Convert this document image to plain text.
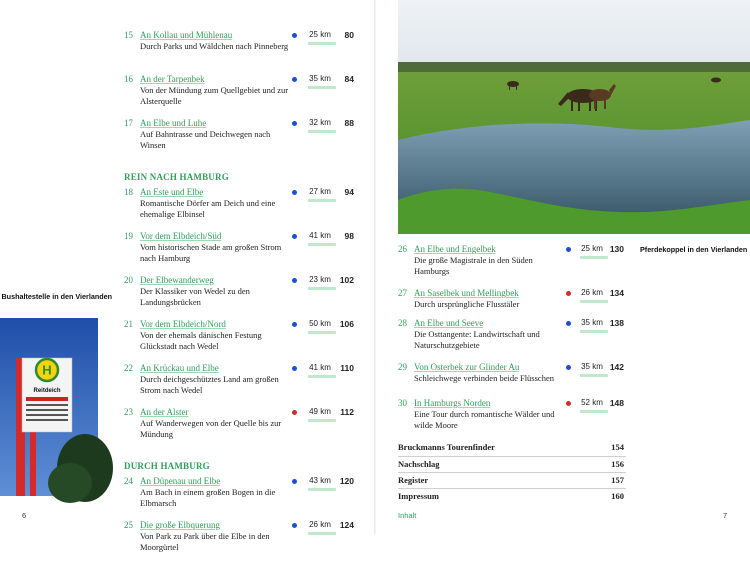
H
Reitdeich
Bushaltestelle in den Vierlanden
Pferdekoppel in den Vierlanden
15 An Kollau und Mühlenau
Durch Parks und Wäldchen nach Pinneberg
25 km	80
16 An der Tarpenbek
Von der Mündung zum Quellgebiet und zur Alsterquelle
35 km	84
17 An Elbe und Luhe
Auf Bahntrasse und Deichwegen nach Winsen
32 km	88
REIN NACH HAMBURG
18 An Este und Elbe
Romantische Dörfer am Deich und eine ehemalige Elbinsel
27 km	94
19 Vor dem Elbdeich/Süd
Vom historischen Stade am großen Strom nach Hamburg
41 km	98
20 Der Elbewanderweg
Der Klassiker von Wedel zu den Landungsbrücken
23 km	102
21 Vor dem Elbdeich/Nord
Von der ehemals dänischen Festung Glückstadt nach Wedel
50 km	106
22 An Krückau und Elbe
Durch deichgeschütztes Land am großen Strom nach Wedel
41 km	110
23 An der Alster
Auf Wanderwegen von der Quelle bis zur Mündung
49 km	112
DURCH HAMBURG
24 An Düpenau und Elbe
Am Bach in einem großen Bogen in die Elbmarsch
43 km	120
25 Die große Elbquerung
Von Park zu Park über die Elbe in den Moorgürtel
26 km	124
26 An Elbe und Engelbek
Die große Magistrale in den Süden Hamburgs
25 km 130
27 An Saselbek und Mellingbek
Durch ursprüngliche Flusstäler
26 km 134
28 An Elbe und Seeve
Die Osttangente: Landwirtschaft und Naturschutzgebiete
35 km 138
29 Von Osterbek zur Glinder Au
Schleichwege verbinden beide Flüsschen
35 km 142
30 In Hamburgs Norden
Eine Tour durch romantische Wälder und wilde Moore
52 km 148
Bruckmanns Tourenfinder	154
Nachschlag	156
Register	157
Impressum	160
6	Inhalt	7
